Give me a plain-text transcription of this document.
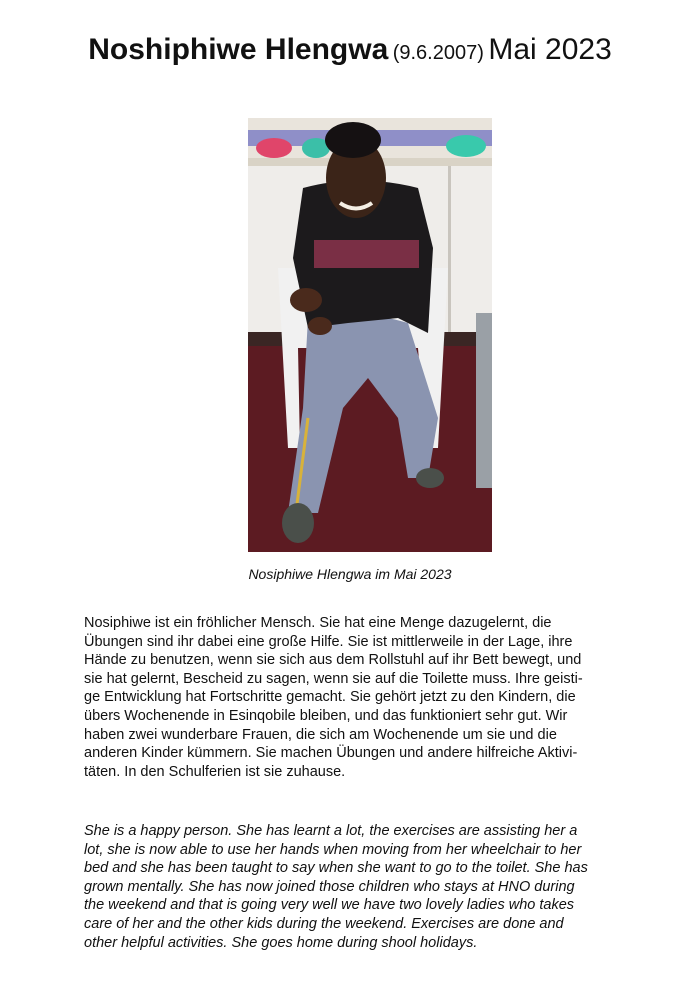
Noshiphiwe Hlengwa (9.6.2007) Mai 2023
Nosiphiwe Hlengwa im Mai 2023

Nosiphiwe ist ein fröhlicher Mensch. Sie hat eine Menge dazugelernt, die
Übungen sind ihr dabei eine große Hilfe. Sie ist mittlerweile in der Lage, ihre
Hände zu benutzen, wenn sie sich aus dem Rollstuhl auf ihr Bett bewegt, und
sie hat gelernt, Bescheid zu sagen, wenn sie auf die Toilette muss. Ihre geisti-
ge Entwicklung hat Fortschritte gemacht. Sie gehört jetzt zu den Kindern, die
übers Wochenende in Esinqobile bleiben, und das funktioniert sehr gut. Wir
haben zwei wunderbare Frauen, die sich am Wochenende um sie und die
anderen Kinder kümmern. Sie machen Übungen und andere hilfreiche Aktivi-
täten. In den Schulferien ist sie zuhause.

She is a happy person. She has learnt a lot, the exercises are assisting her a
lot, she is now able to use her hands when moving from her wheelchair to her
bed and she has been taught to say when she want to go to the toilet. She has
grown mentally. She has now joined those children who stays at HNO during
the weekend and that is going very well we have two lovely ladies who takes
care of her and the other kids during the weekend. Exercises are done and
other helpful activities. She goes home during shool holidays.
